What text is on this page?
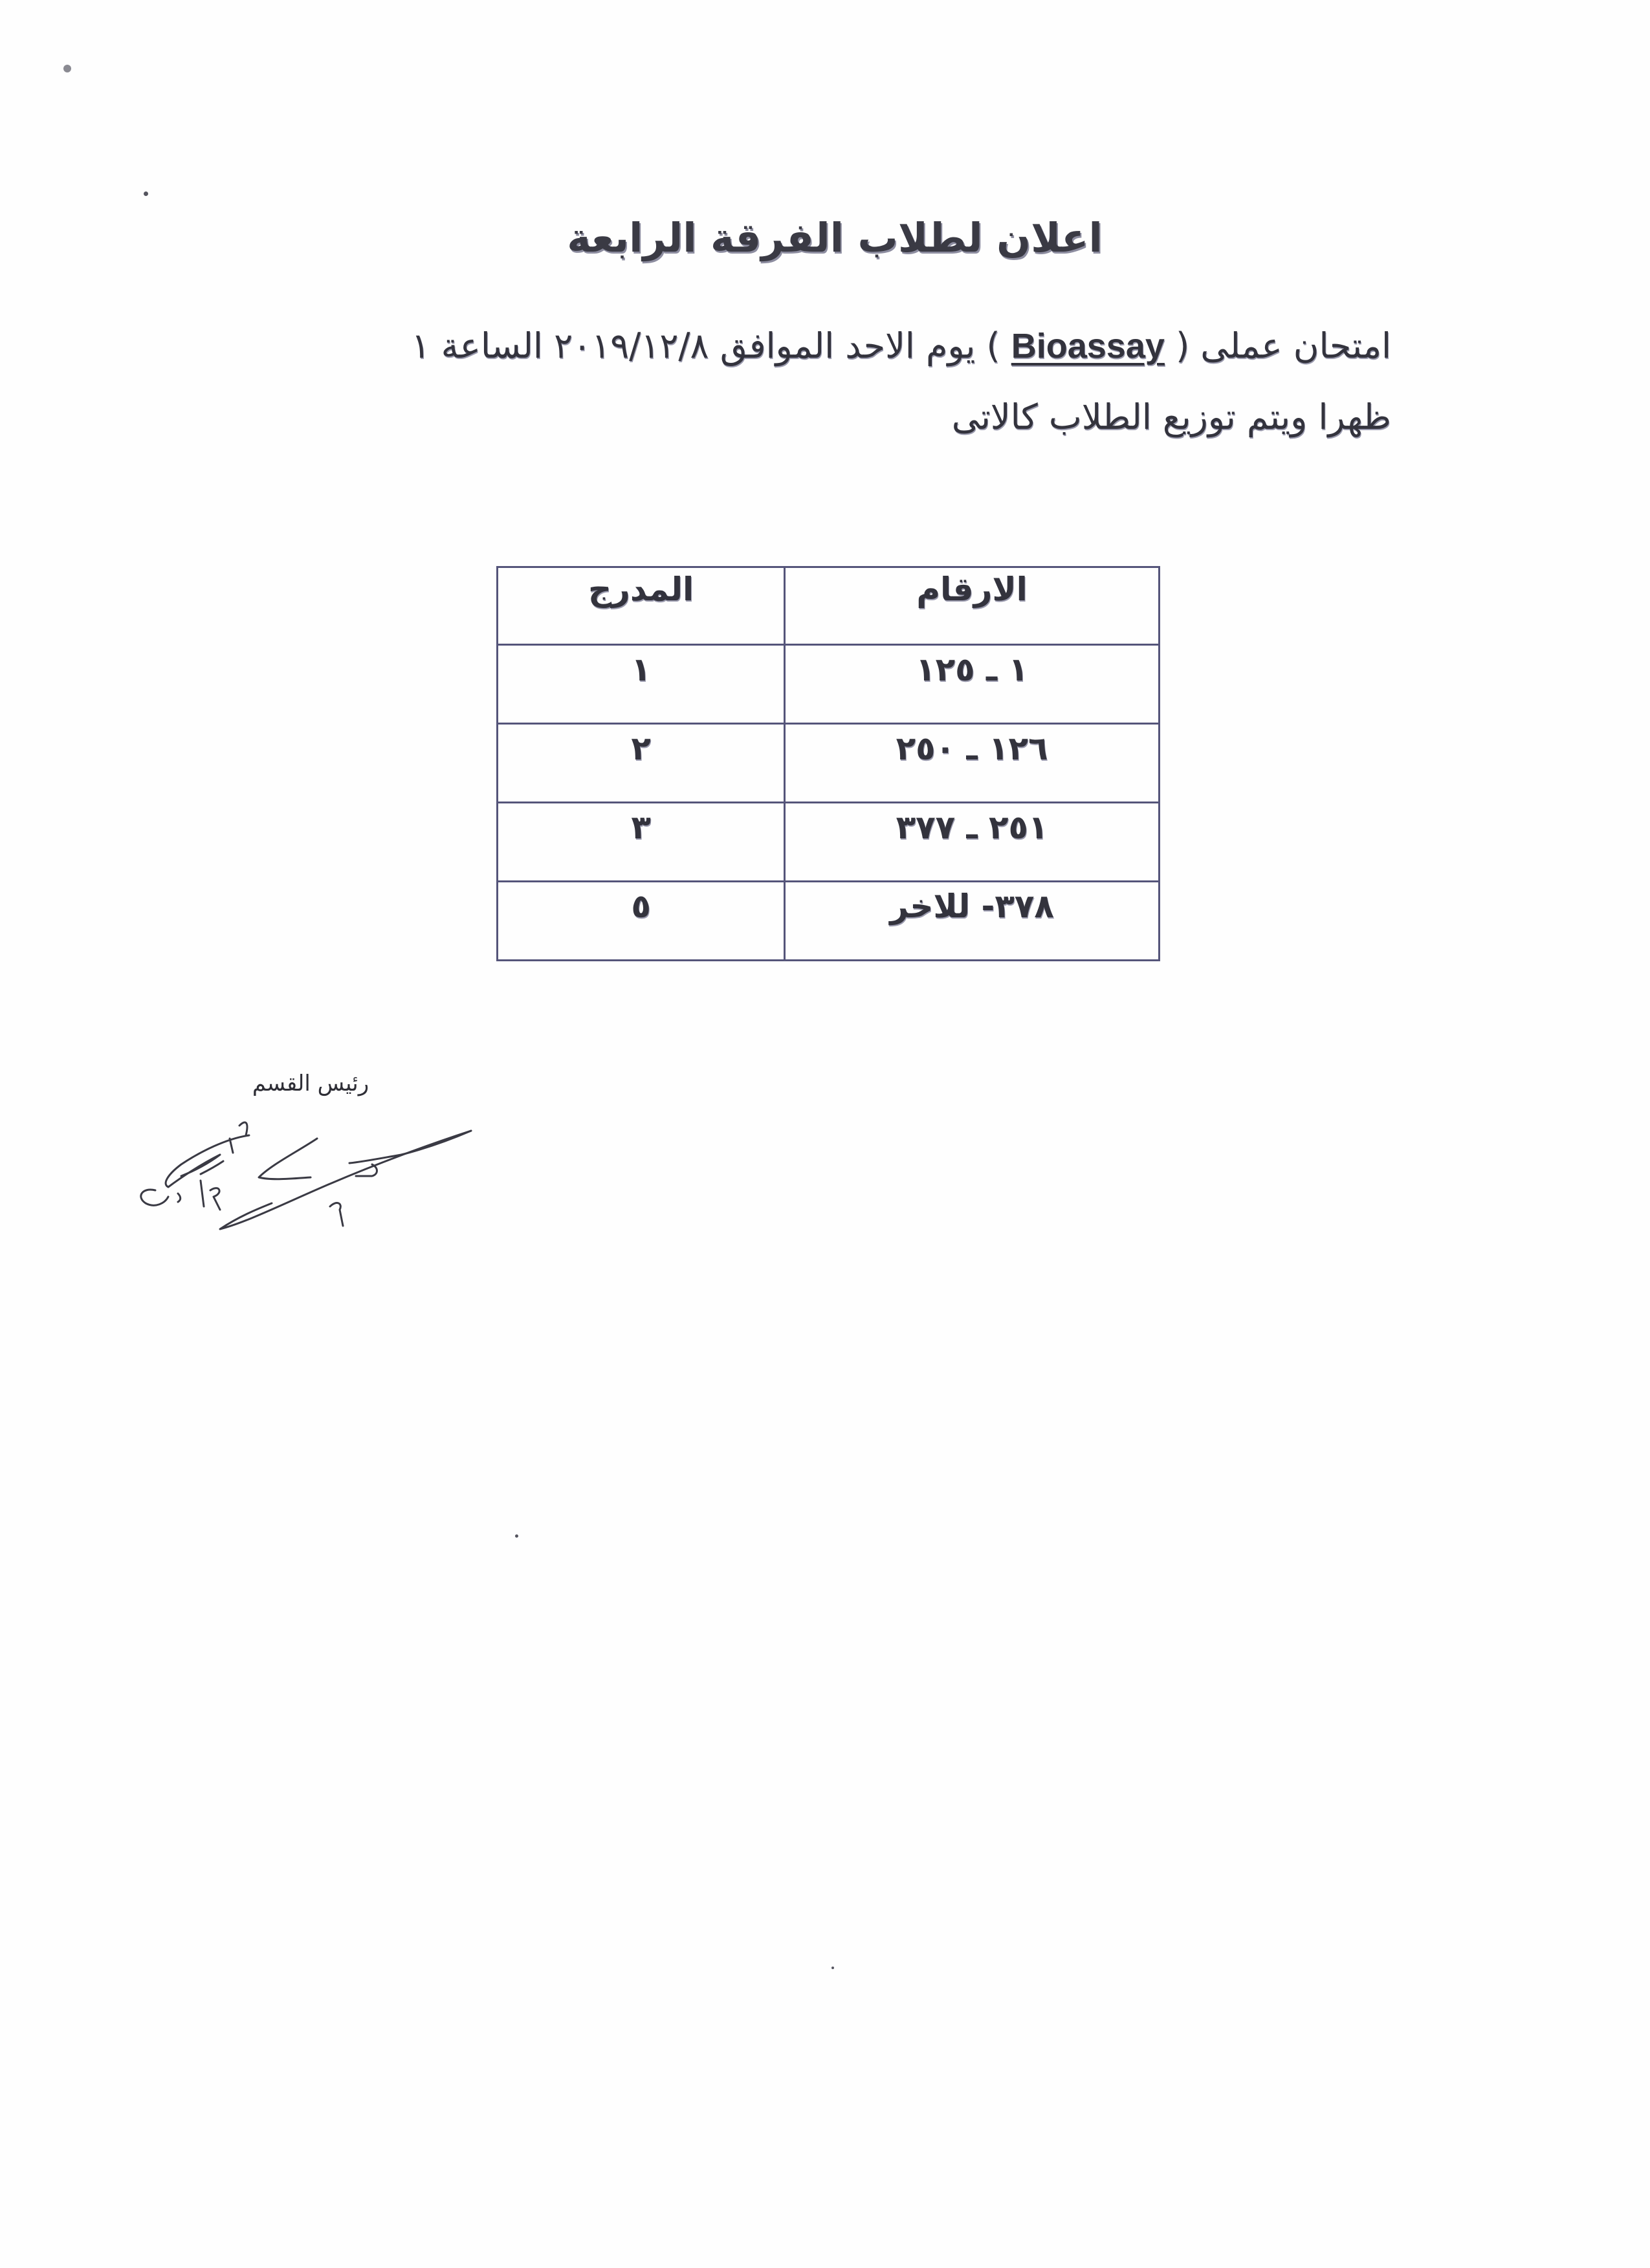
اعلان لطلاب الفرقة الرابعة
امتحان عملى ( Bioassay ) يوم الاحد الموافق ٢٠١٩/١٢/٨ الساعة ١
ظهرا ويتم توزيع الطلاب كالاتى
الارقام	المدرج
١ ـ ١٢٥	١
١٢٦ ـ ٢٥٠	٢
٢٥١ ـ ٣٧٧	٣
٣٧٨- للاخر	٥
رئيس القسم
